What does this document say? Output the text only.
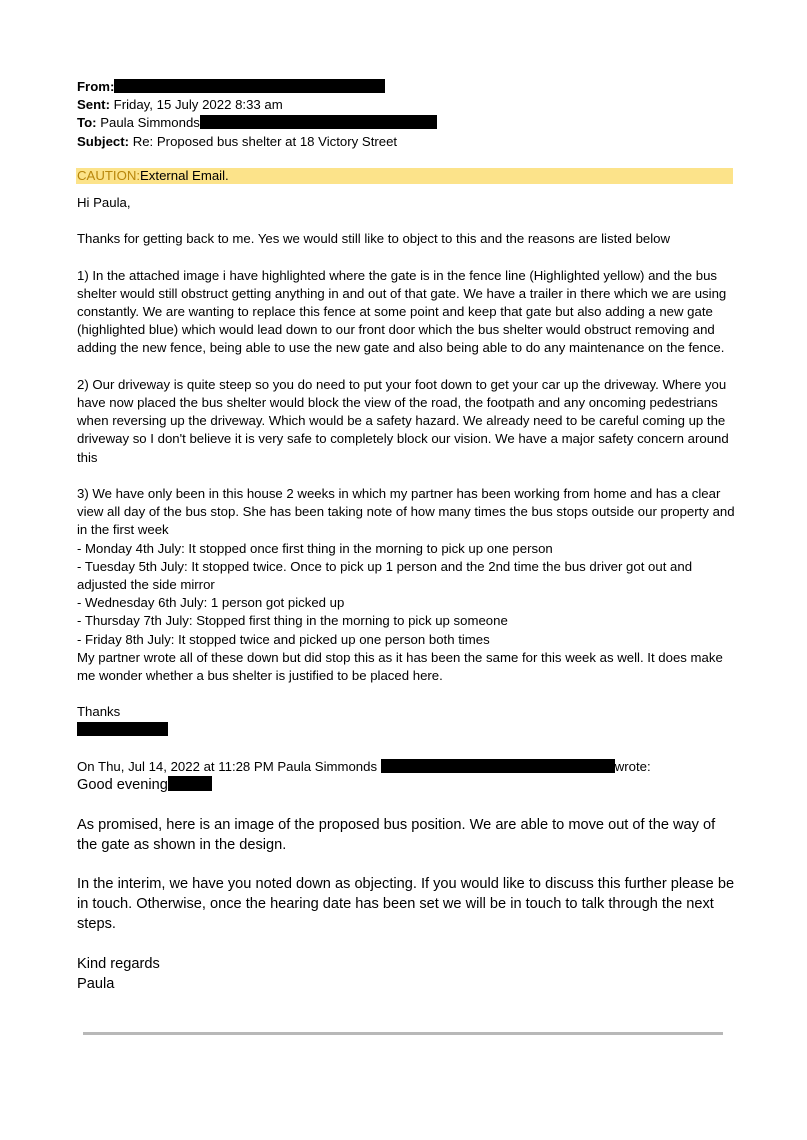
From:
Sent: Friday, 15 July 2022 8:33 am
To: Paula Simmonds
Subject: Re: Proposed bus shelter at 18 Victory Street
CAUTION:External Email.

Hi Paula,

Thanks for getting back to me. Yes we would still like to object to this and the reasons are listed below

1) In the attached image i have highlighted where the gate is in the fence line (Highlighted yellow) and the bus shelter would still obstruct getting anything in and out of that gate. We have a trailer in there which we are using constantly. We are wanting to replace this fence at some point and keep that gate but also adding a new gate (highlighted blue) which would lead down to our front door which the bus shelter would obstruct removing and adding the new fence, being able to use the new gate and also being able to do any maintenance on the fence.

2) Our driveway is quite steep so you do need to put your foot down to get your car up the driveway. Where you have now placed the bus shelter would block the view of the road, the footpath and any oncoming pedestrians when reversing up the driveway. Which would be a safety hazard. We already need to be careful coming up the driveway so I don't believe it is very safe to completely block our vision. We have a major safety concern around this

3) We have only been in this house 2 weeks in which my partner has been working from home and has a clear view all day of the bus stop. She has been taking note of how many times the bus stops outside our property and in the first week

- Monday 4th July: It stopped once first thing in the morning to pick up one person

- Tuesday 5th July: It stopped twice. Once to pick up 1 person and the 2nd time the bus driver got out and adjusted the side mirror

- Wednesday 6th July: 1 person got picked up

- Thursday 7th July: Stopped first thing in the morning to pick up someone

- Friday 8th July: It stopped twice and picked up one person both times

My partner wrote all of these down but did stop this as it has been the same for this week as well. It does make me wonder whether a bus shelter is justified to be placed here.

Thanks

On Thu, Jul 14, 2022 at 11:28 PM Paula Simmonds	wrote:
Good evening

As promised, here is an image of the proposed bus position. We are able to move out of the way of the gate as shown in the design.

In the interim, we have you noted down as objecting. If you would like to discuss this further please be in touch. Otherwise, once the hearing date has been set we will be in touch to talk through the next steps.

Kind regards

Paula
